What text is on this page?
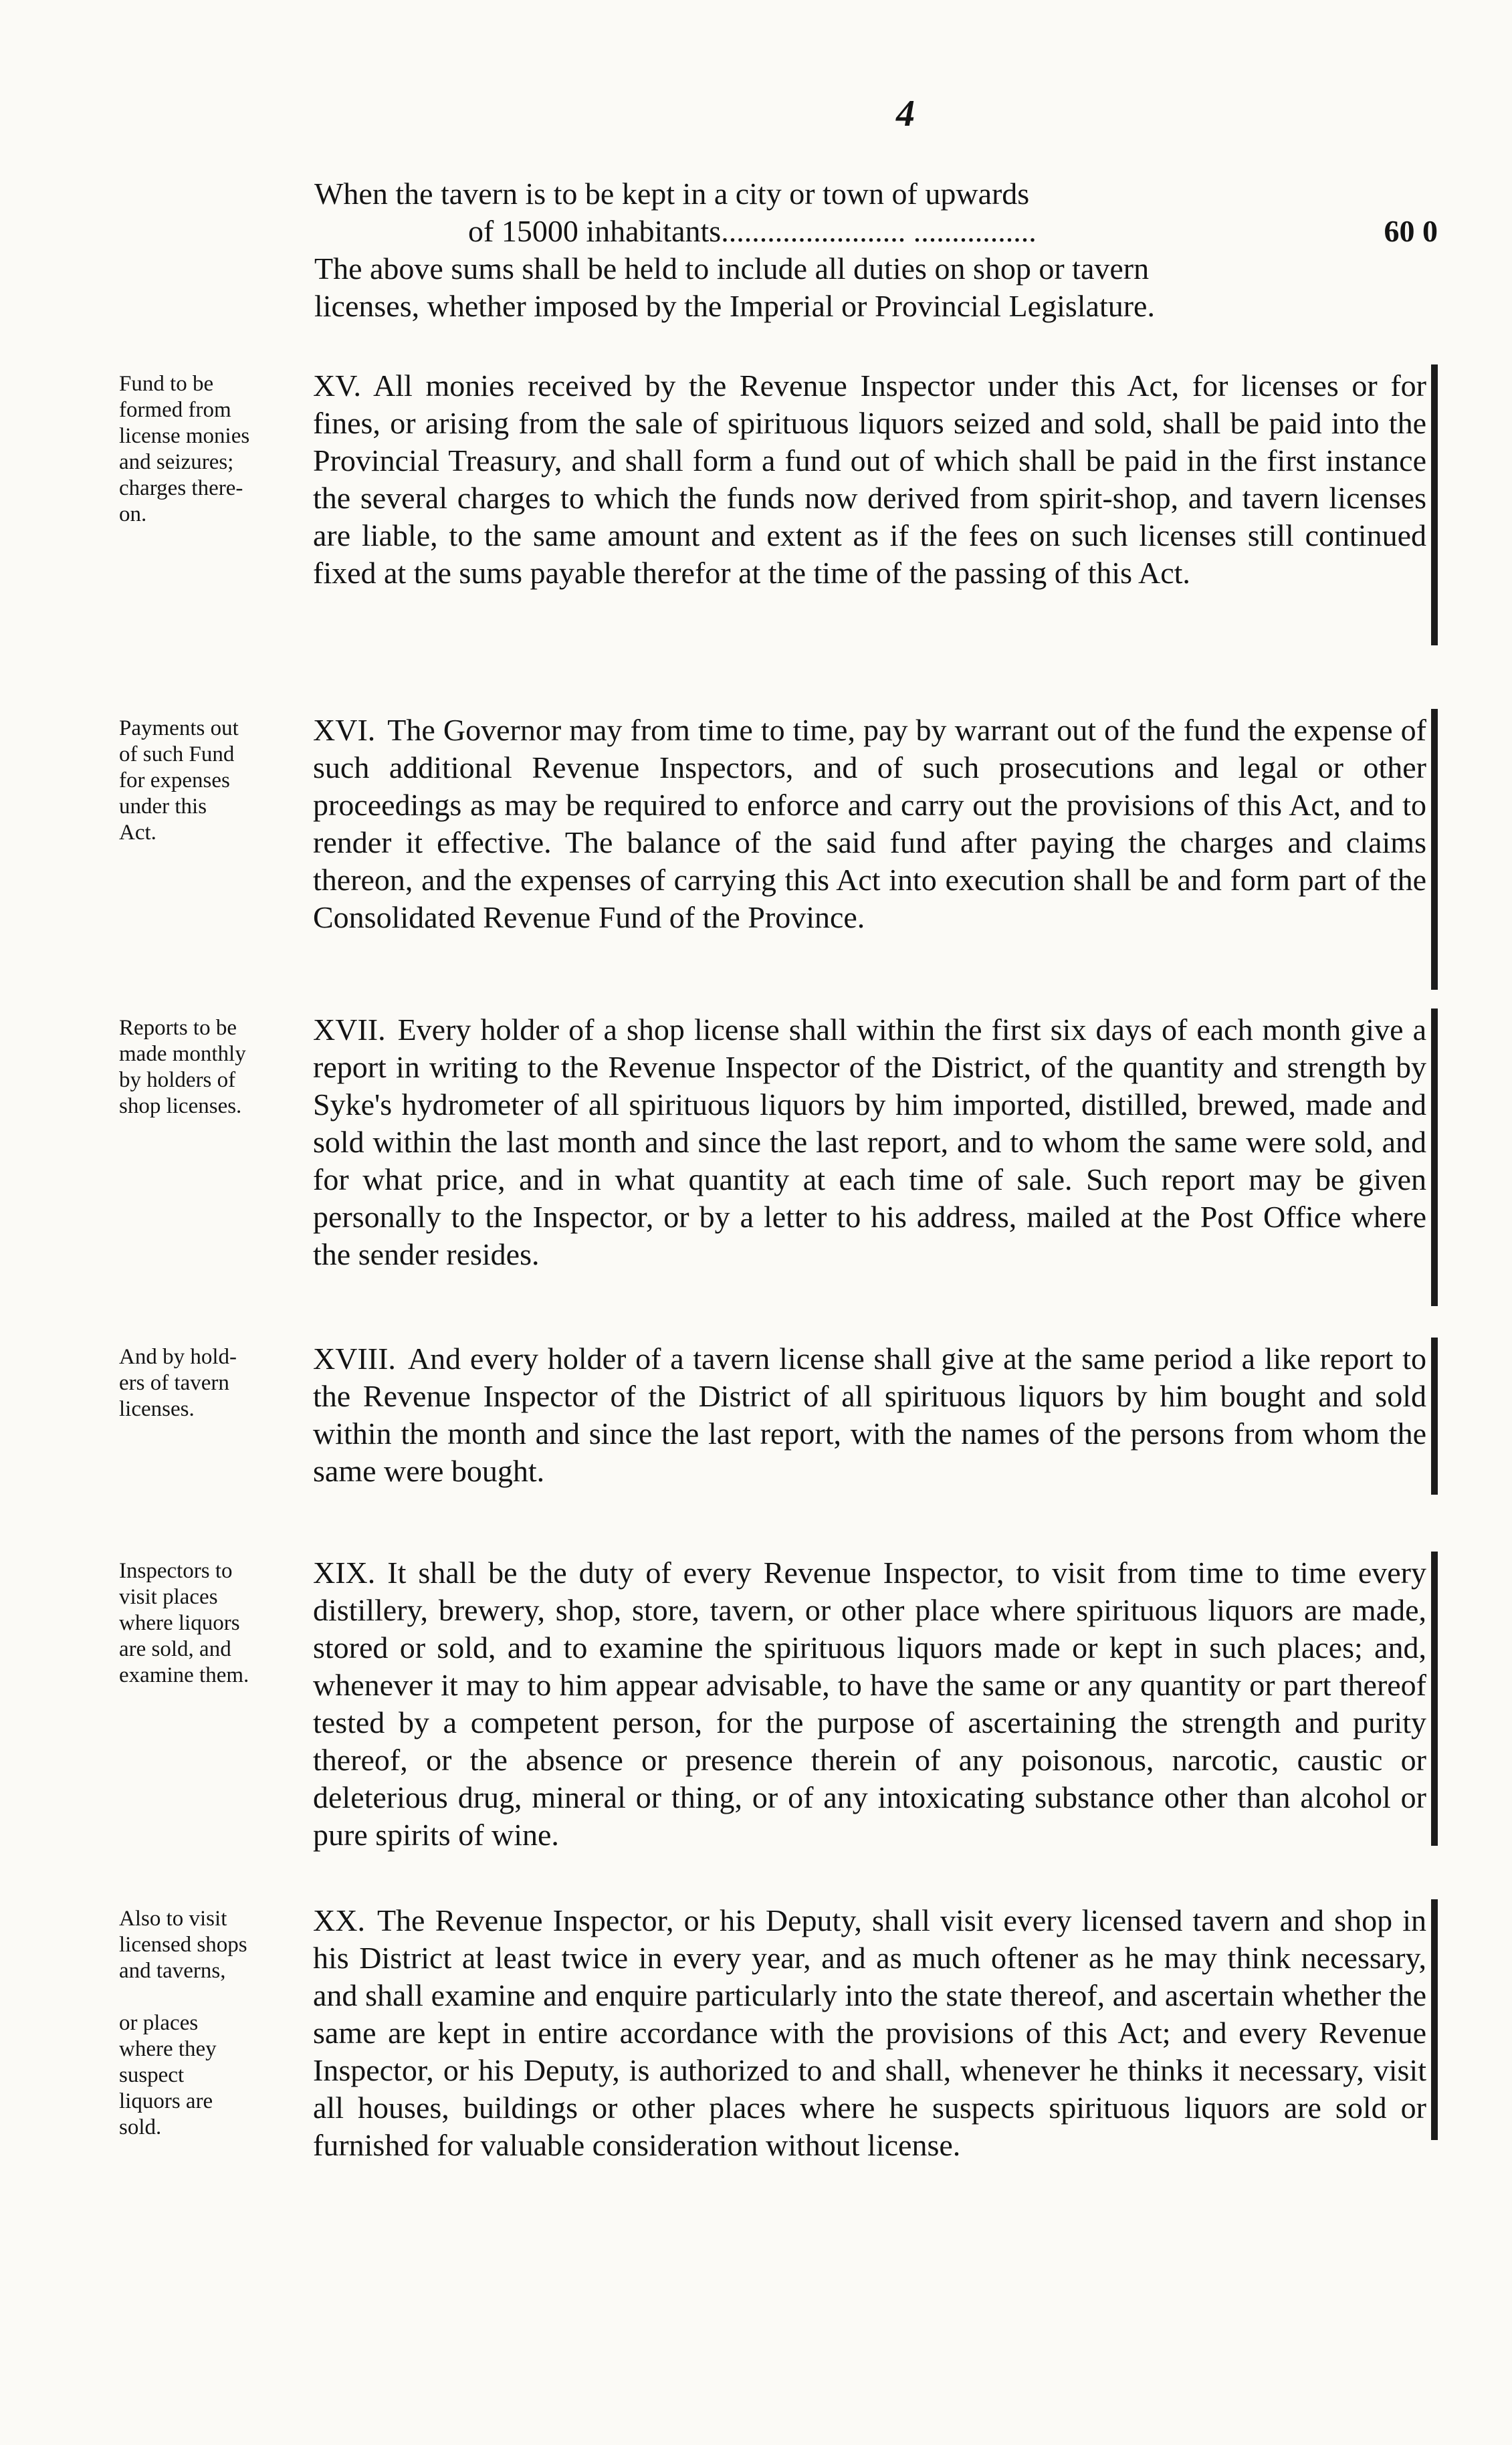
4
When the tavern is to be kept in a city or town of upwards
of 15000 inhabitants........................ ................	60 0
The above sums shall be held to include all duties on shop or tavern
licenses, whether imposed by the Imperial or Provincial Legislature.
Fund to be
formed from
license monies
and seizures;
charges there-
on.
XV. All monies received by the Revenue Inspector under this Act, for licenses or for fines, or arising from the sale of spirituous liquors seized and sold, shall be paid into the Provincial Treasury, and shall form a fund out of which shall be paid in the first instance the several charges to which the funds now derived from spirit-shop, and tavern licenses are liable, to the same amount and extent as if the fees on such licenses still continued fixed at the sums payable therefor at the time of the passing of this Act.
Payments out
of such Fund
for expenses
under this
Act.
XVI. The Governor may from time to time, pay by warrant out of the fund the expense of such additional Revenue Inspectors, and of such prosecutions and legal or other proceedings as may be required to enforce and carry out the provisions of this Act, and to render it effective. The balance of the said fund after paying the charges and claims thereon, and the expenses of carrying this Act into execution shall be and form part of the Consolidated Revenue Fund of the Province.
Reports to be
made monthly
by holders of
shop licenses.
XVII. Every holder of a shop license shall within the first six days of each month give a report in writing to the Revenue Inspector of the District, of the quantity and strength by Syke's hydrometer of all spirituous liquors by him imported, distilled, brewed, made and sold within the last month and since the last report, and to whom the same were sold, and for what price, and in what quantity at each time of sale. Such report may be given personally to the Inspector, or by a letter to his address, mailed at the Post Office where the sender resides.
And by hold-
ers of tavern
licenses.
XVIII. And every holder of a tavern license shall give at the same period a like report to the Revenue Inspector of the District of all spirituous liquors by him bought and sold within the month and since the last report, with the names of the persons from whom the same were bought.
Inspectors to
visit places
where liquors
are sold, and
examine them.
XIX. It shall be the duty of every Revenue Inspector, to visit from time to time every distillery, brewery, shop, store, tavern, or other place where spirituous liquors are made, stored or sold, and to examine the spirituous liquors made or kept in such places; and, whenever it may to him appear advisable, to have the same or any quantity or part thereof tested by a competent person, for the purpose of ascertaining the strength and purity thereof, or the absence or presence therein of any poisonous, narcotic, caustic or deleterious drug, mineral or thing, or of any intoxicating substance other than alcohol or pure spirits of wine.
Also to visit
licensed shops
and taverns,

or places
where they
suspect
liquors are
sold.
XX. The Revenue Inspector, or his Deputy, shall visit every licensed tavern and shop in his District at least twice in every year, and as much oftener as he may think necessary, and shall examine and enquire particularly into the state thereof, and ascertain whether the same are kept in entire accordance with the provisions of this Act; and every Revenue Inspector, or his Deputy, is authorized to and shall, whenever he thinks it necessary, visit all houses, buildings or other places where he suspects spirituous liquors are sold or furnished for valuable consideration without license.
